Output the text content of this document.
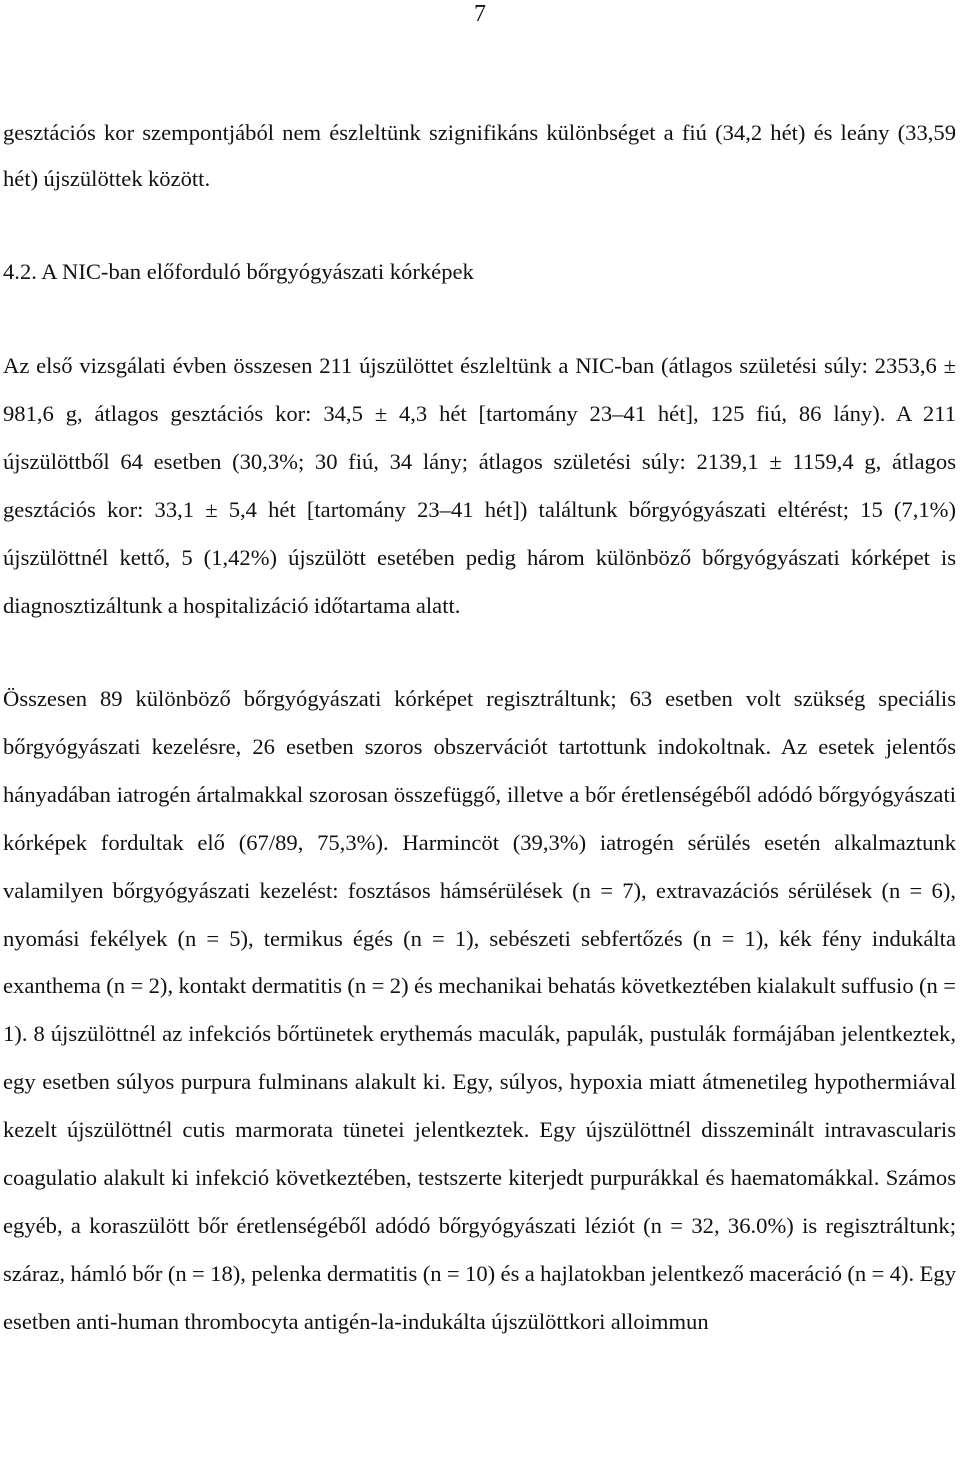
7

gesztációs kor szempontjából nem észleltünk szignifikáns különbséget a fiú (34,2 hét) és leány (33,59 hét) újszülöttek között.

4.2. A NIC-ban előforduló bőrgyógyászati kórképek

Az első vizsgálati évben összesen 211 újszülöttet észleltünk a NIC-ban (átlagos születési súly: 2353,6 ± 981,6 g, átlagos gesztációs kor: 34,5 ± 4,3 hét [tartomány 23–41 hét], 125 fiú, 86 lány). A 211 újszülöttből 64 esetben (30,3%; 30 fiú, 34 lány; átlagos születési súly: 2139,1 ± 1159,4 g, átlagos gesztációs kor: 33,1 ± 5,4 hét [tartomány 23–41 hét]) találtunk bőrgyógyászati eltérést; 15 (7,1%) újszülöttnél kettő, 5 (1,42%) újszülött esetében pedig három különböző bőrgyógyászati kórképet is diagnosztizáltunk a hospitalizáció időtartama alatt.

Összesen 89 különböző bőrgyógyászati kórképet regisztráltunk; 63 esetben volt szükség speciális bőrgyógyászati kezelésre, 26 esetben szoros obszervációt tartottunk indokoltnak. Az esetek jelentős hányadában iatrogén ártalmakkal szorosan összefüggő, illetve a bőr éretlenségéből adódó bőrgyógyászati kórképek fordultak elő (67/89, 75,3%). Harmincöt (39,3%) iatrogén sérülés esetén alkalmaztunk valamilyen bőrgyógyászati kezelést: fosztásos hámsérülések (n = 7), extravazációs sérülések (n = 6), nyomási fekélyek (n = 5), termikus égés (n = 1), sebészeti sebfertőzés (n = 1), kék fény indukálta exanthema (n = 2), kontakt dermatitis (n = 2) és mechanikai behatás következtében kialakult suffusio (n = 1). 8 újszülöttnél az infekciós bőrtünetek erythemás maculák, papulák, pustulák formájában jelentkeztek, egy esetben súlyos purpura fulminans alakult ki. Egy, súlyos, hypoxia miatt átmenetileg hypothermiával kezelt újszülöttnél cutis marmorata tünetei jelentkeztek. Egy újszülöttnél disszeminált intravascularis coagulatio alakult ki infekció következtében, testszerte kiterjedt purpurákkal és haematomákkal. Számos egyéb, a koraszülött bőr éretlenségéből adódó bőrgyógyászati léziót (n = 32, 36.0%) is regisztráltunk; száraz, hámló bőr (n = 18), pelenka dermatitis (n = 10) és a hajlatokban jelentkező maceráció (n = 4). Egy esetben anti-human thrombocyta antigén-la-indukálta újszülöttkori alloimmun
